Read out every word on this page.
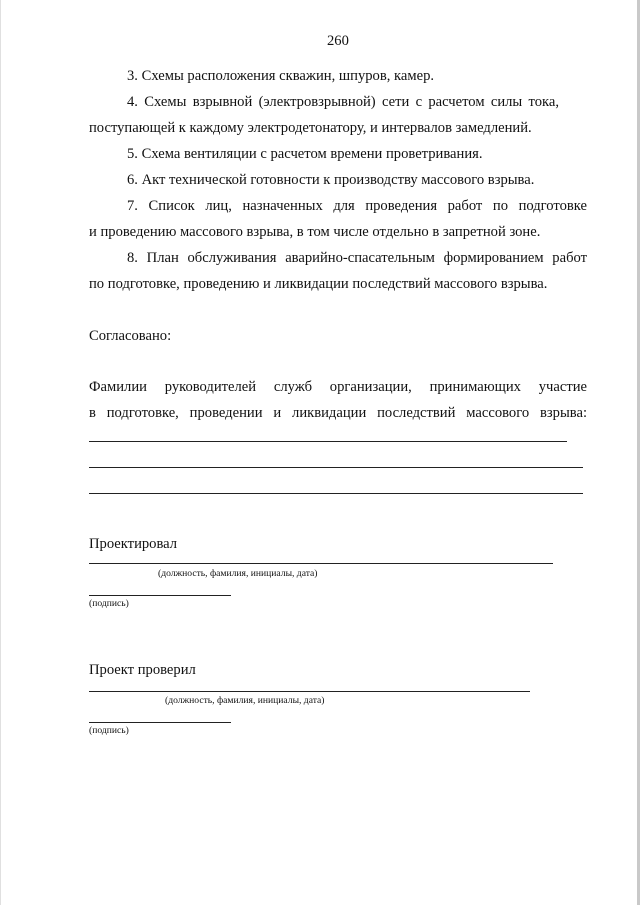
260
3. Схемы расположения скважин, шпуров, камер.
4. Схемы взрывной (электровзрывной) сети с расчетом силы тока,
поступающей к каждому электродетонатору, и интервалов замедлений.
5. Схема вентиляции с расчетом времени проветривания.
6. Акт технической готовности к производству массового взрыва.
7. Список лиц, назначенных для проведения работ по подготовке
и проведению массового взрыва, в том числе отдельно в запретной зоне.
8. План обслуживания аварийно-спасательным формированием работ
по подготовке, проведению и ликвидации последствий массового взрыва.
Согласовано:
Фамилии руководителей служб организации, принимающих участие
в подготовке, проведении и ликвидации последствий массового взрыва:
Проектировал
(должность, фамилия, инициалы, дата)
(подпись)
Проект проверил
(должность, фамилия, инициалы, дата)
(подпись)
